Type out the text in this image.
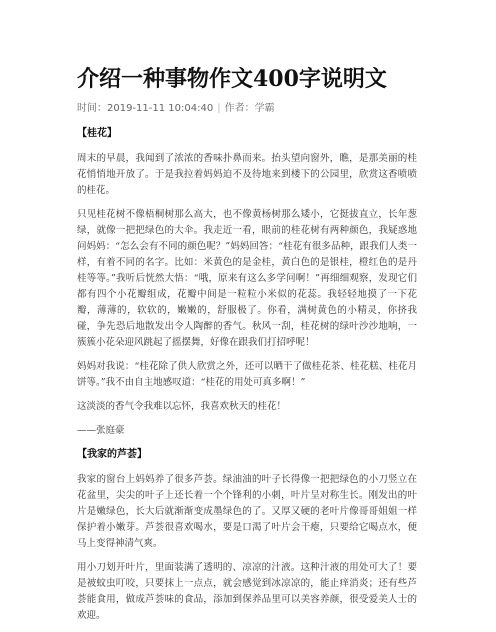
介绍一种事物作文400字说明文
时间：2019-11-11 10:04:40 | 作者：学霸

【桂花】

周末的早晨，我闻到了浓浓的香味扑鼻而来。抬头望向窗外，瞧，是那美丽的桂花悄悄地开放了。于是我拉着妈妈迫不及待地来到楼下的公园里，欣赏这香喷喷的桂花。

只见桂花树不像梧桐树那么高大，也不像黄杨树那么矮小，它挺拔直立，长年葱绿，就像一把把绿色的大伞。我走近一看，眼前的桂花树有两种颜色，我疑惑地问妈妈：“怎么会有不同的颜色呢？”妈妈回答：“桂花有很多品种，跟我们人类一样，有着不同的名字。比如：米黄色的是金桂，黄白色的是银桂，橙红色的是丹桂等等。”我听后恍然大悟：“哦，原来有这么多学问啊！”再细细观察，发现它们都有四个小花瓣组成，花瓣中间是一粒粒小米似的花蕊。我轻轻地摸了一下花瓣，薄薄的，软软的，嫩嫩的，舒服极了。你看，满树黄色的小精灵，你挤我碰，争先恐后地散发出令人陶醉的香气。秋风一刮，桂花树的绿叶沙沙地响，一簇簇小花朵迎风跳起了摇摆舞，好像在跟我们打招呼呢！

妈妈对我说：“桂花除了供人欣赏之外，还可以晒干了做桂花茶、桂花糕、桂花月饼等。”我不由自主地感叹道：“桂花的用处可真多啊！”

这淡淡的香气令我难以忘怀，我喜欢秋天的桂花！

——张庭豪

【我家的芦荟】

我家的窗台上妈妈养了很多芦荟。绿油油的叶子长得像一把把绿色的小刀竖立在花盆里，尖尖的叶子上还长着一个个锋利的小刺，叶片呈对称生长。刚发出的叶片是嫩绿色，长大后就渐渐变成墨绿色的了。又厚又硬的老叶片像哥哥姐姐一样保护着小嫩芽。芦荟很喜欢喝水，要是口渴了叶片会干瘪，只要给它喝点水，便马上变得神清气爽。

用小刀划开叶片，里面装满了透明的、凉凉的汁液。这种汁液的用处可大了！要是被蚊虫叮咬，只要抹上一点点，就会感觉到冰凉凉的，能止痒消炎；还有些芦荟能食用，做成芦荟味的食品，添加到保养品里可以美容养颜，很受爱美人士的欢迎。
